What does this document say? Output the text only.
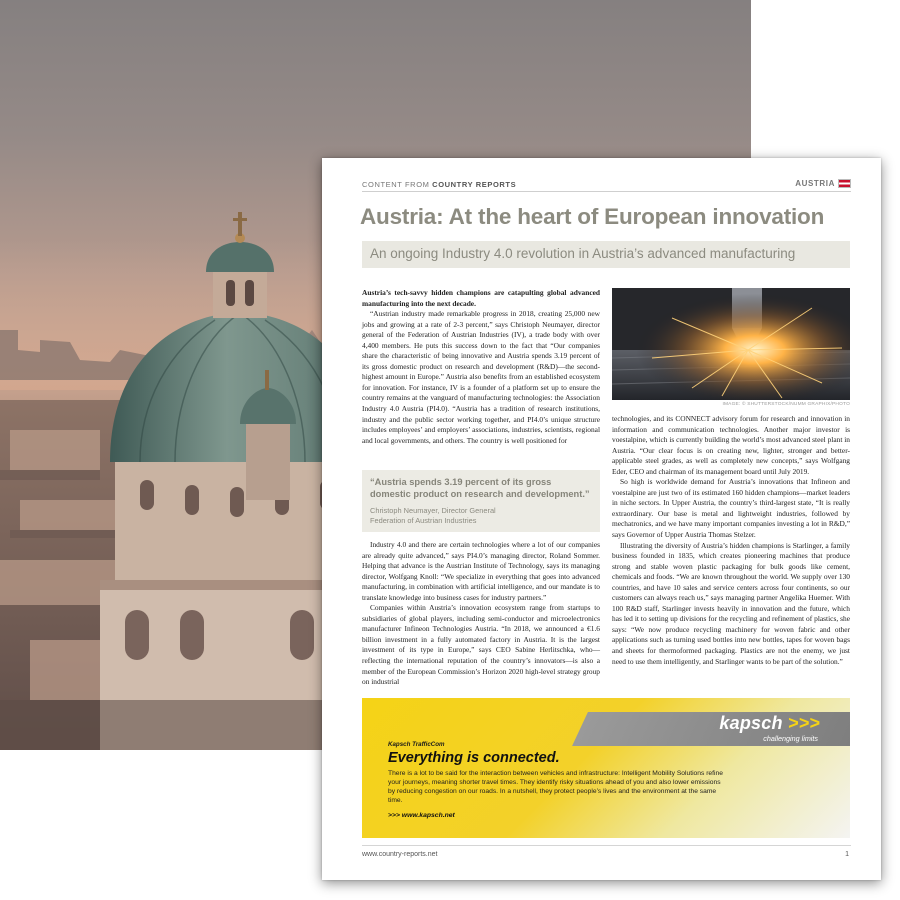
CONTENT FROM COUNTRY REPORTS	AUSTRIA
Austria: At the heart of European innovation
An ongoing Industry 4.0 revolution in Austria’s advanced manufacturing

Austria’s tech-savvy hidden champions are catapulting global advanced manufacturing into the next decade.

“Austrian industry made remarkable progress in 2018, creating 25,000 new jobs and growing at a rate of 2-3 percent,” says Christoph Neumayer, director general of the Federation of Austrian Industries (IV), a trade body with over 4,400 members. He puts this success down to the fact that “Our companies share the characteristic of being innovative and Austria spends 3.19 percent of its gross domestic product on research and development (R&D)—the second-highest amount in Europe.” Austria also benefits from an established ecosystem for innovation. For instance, IV is a founder of a platform set up to ensure the country remains at the vanguard of manufacturing technologies: the Association Industry 4.0 Austria (PI4.0). “Austria has a tradition of research institutions, industry and the public sector working together, and PI4.0’s unique structure includes employees’ and employers’ associations, industries, scientists, regional and local governments, and others. The country is well positioned for

“Austria spends 3.19 percent of its gross domestic product on research and development.”
Christoph Neumayer, Director General
Federation of Austrian Industries

Industry 4.0 and there are certain technologies where a lot of our companies are already quite advanced,” says PI4.0’s managing director, Roland Sommer. Helping that advance is the Austrian Institute of Technology, says its managing director, Wolfgang Knoll: “We specialize in everything that goes into advanced manufacturing, in combination with artificial intelligence, and our mandate is to translate knowledge into business cases for industry partners.”

Companies within Austria’s innovation ecosystem range from startups to subsidiaries of global players, including semi-conductor and microelectronics manufacturer Infineon Technologies Austria. “In 2018, we announced a €1.6 billion investment in a fully automated factory in Austria. It is the largest investment of its type in Europe,” says CEO Sabine Herlitschka, who—reflecting the international reputation of the country’s innovators—is also a member of the European Commission’s Horizon 2020 high-level strategy group on industrial

IMAGE: © SHUTTERSTOCK/NUMM GRAPHIX/PHOTO

technologies, and its CONNECT advisory forum for research and innovation in information and communication technologies. Another major investor is voestalpine, which is currently building the world’s most advanced steel plant in Austria. “Our clear focus is on creating new, lighter, stronger and better-applicable steel grades, as well as completely new concepts,” says Wolfgang Eder, CEO and chairman of its management board until July 2019.

So high is worldwide demand for Austria’s innovations that Infineon and voestalpine are just two of its estimated 160 hidden champions—market leaders in niche sectors. In Upper Austria, the country’s third-largest state, “It is really extraordinary. Our base is metal and lightweight industries, followed by mechatronics, and we have many important companies investing a lot in R&D,” says Governor of Upper Austria Thomas Stelzer.

Illustrating the diversity of Austria’s hidden champions is Starlinger, a family business founded in 1835, which creates pioneering machines that produce strong and stable woven plastic packaging for bulk goods like cement, chemicals and foods. “We are known throughout the world. We supply over 130 countries, and have 10 sales and service centers across four continents, so our customers can always reach us,” says managing partner Angelika Huemer. With 100 R&D staff, Starlinger invests heavily in innovation and the future, which has led it to setting up divisions for the recycling and refinement of plastics, she says: “We now produce recycling machinery for woven fabric and other applications such as turning used bottles into new bottles, tapes for woven bags and sheets for thermoformed packaging. Plastics are not the enemy, we just need to use them intelligently, and Starlinger wants to be part of the solution.”

kapsch >>>
challenging limits
Kapsch TrafficCom
Everything is connected.
There is a lot to be said for the interaction between vehicles and infrastructure: Intelligent Mobility Solutions refine your journeys, meaning shorter travel times. They identify risky situations ahead of you and also lower emissions by reducing congestion on our roads. In a nutshell, they protect people’s lives and the environment at the same time.
>>> www.kapsch.net
www.country-reports.net	1
